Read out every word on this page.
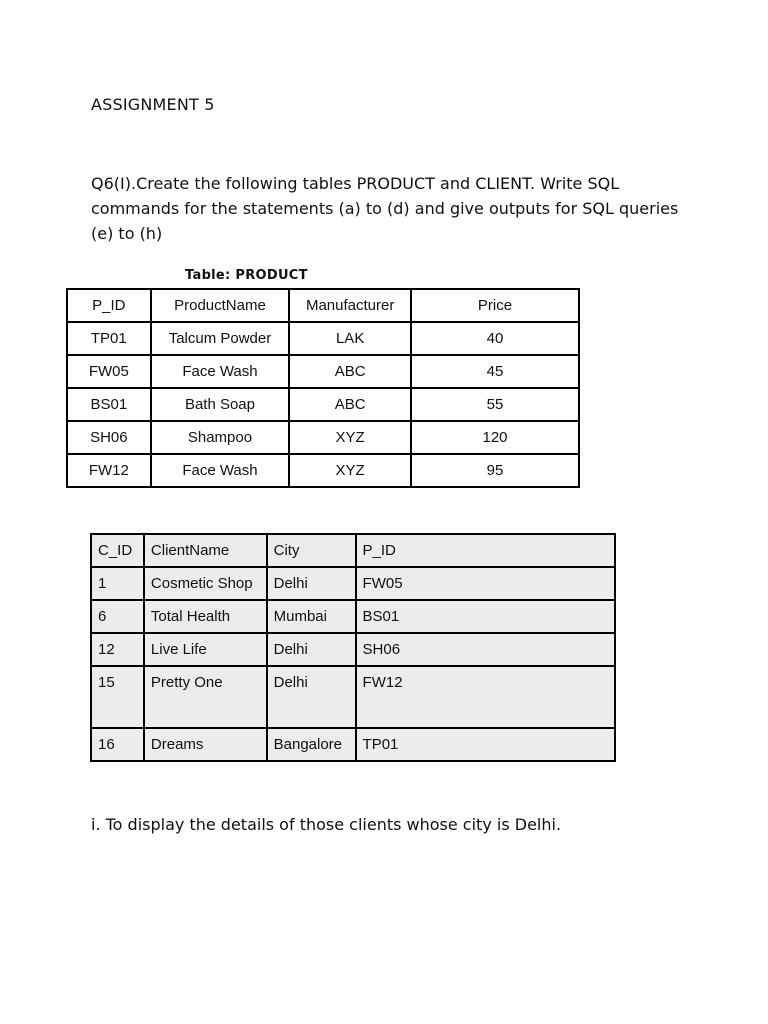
ASSIGNMENT 5
Q6(I).Create the following tables PRODUCT and CLIENT. Write SQL commands for the statements (a) to (d) and give outputs for SQL queries (e) to (h)
Table: PRODUCT
P_ID	ProductName	Manufacturer	Price
TP01	Talcum Powder	LAK	40
FW05	Face Wash	ABC	45
BS01	Bath Soap	ABC	55
SH06	Shampoo	XYZ	120
FW12	Face Wash	XYZ	95
C_ID	ClientName	City	P_ID
1	Cosmetic Shop	Delhi	FW05
6	Total Health	Mumbai	BS01
12	Live Life	Delhi	SH06
15	Pretty One	Delhi	FW12
16	Dreams	Bangalore	TP01
i. To display the details of those clients whose city is Delhi.
